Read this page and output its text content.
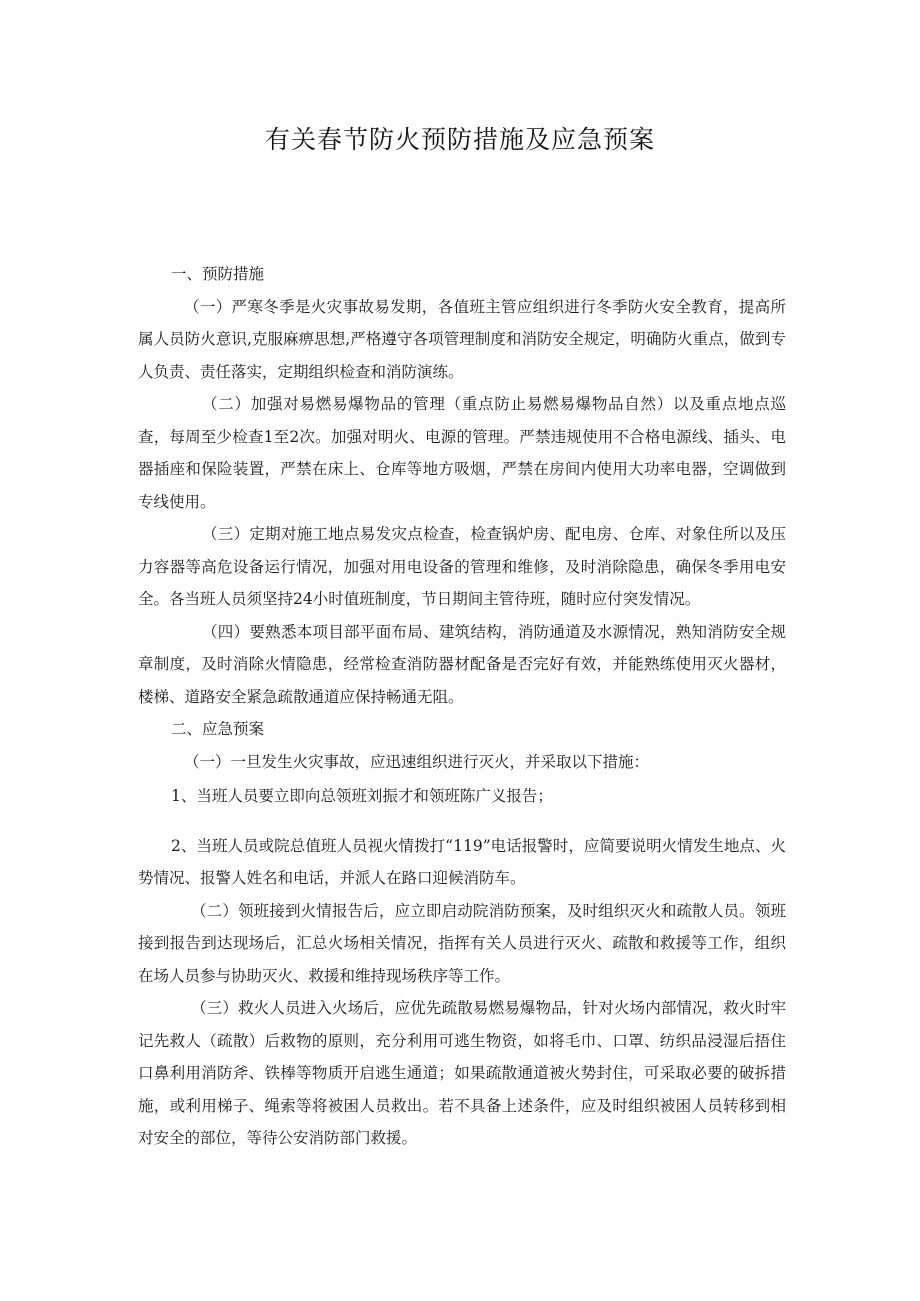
有关春节防火预防措施及应急预案

一、预防措施

（一）严寒冬季是火灾事故易发期，各值班主管应组织进行冬季防火安全教育，提高所属人员防火意识,克服麻痹思想,严格遵守各项管理制度和消防安全规定，明确防火重点，做到专人负责、责任落实，定期组织检查和消防演练。

（二）加强对易燃易爆物品的管理（重点防止易燃易爆物品自然）以及重点地点巡查，每周至少检查1至2次。加强对明火、电源的管理。严禁违规使用不合格电源线、插头、电器插座和保险装置，严禁在床上、仓库等地方吸烟，严禁在房间内使用大功率电器，空调做到专线使用。

（三）定期对施工地点易发灾点检查，检查锅炉房、配电房、仓库、对象住所以及压力容器等高危设备运行情况，加强对用电设备的管理和维修，及时消除隐患，确保冬季用电安全。各当班人员须坚持24小时值班制度，节日期间主管待班，随时应付突发情况。

（四）要熟悉本项目部平面布局、建筑结构，消防通道及水源情况，熟知消防安全规章制度，及时消除火情隐患，经常检查消防器材配备是否完好有效，并能熟练使用灭火器材，楼梯、道路安全紧急疏散通道应保持畅通无阻。

二、应急预案

（一）一旦发生火灾事故，应迅速组织进行灭火，并采取以下措施：

1、当班人员要立即向总领班刘振才和领班陈广义报告；

2、当班人员或院总值班人员视火情拨打“119”电话报警时，应简要说明火情发生地点、火势情况、报警人姓名和电话，并派人在路口迎候消防车。

（二）领班接到火情报告后，应立即启动院消防预案，及时组织灭火和疏散人员。领班接到报告到达现场后，汇总火场相关情况，指挥有关人员进行灭火、疏散和救援等工作，组织在场人员参与协助灭火、救援和维持现场秩序等工作。

（三）救火人员进入火场后，应优先疏散易燃易爆物品，针对火场内部情况，救火时牢记先救人（疏散）后救物的原则，充分利用可逃生物资，如将毛巾、口罩、纺织品浸湿后捂住口鼻利用消防斧、铁棒等物质开启逃生通道；如果疏散通道被火势封住，可采取必要的破拆措施，或利用梯子、绳索等将被困人员救出。若不具备上述条件，应及时组织被困人员转移到相对安全的部位，等待公安消防部门救援。
